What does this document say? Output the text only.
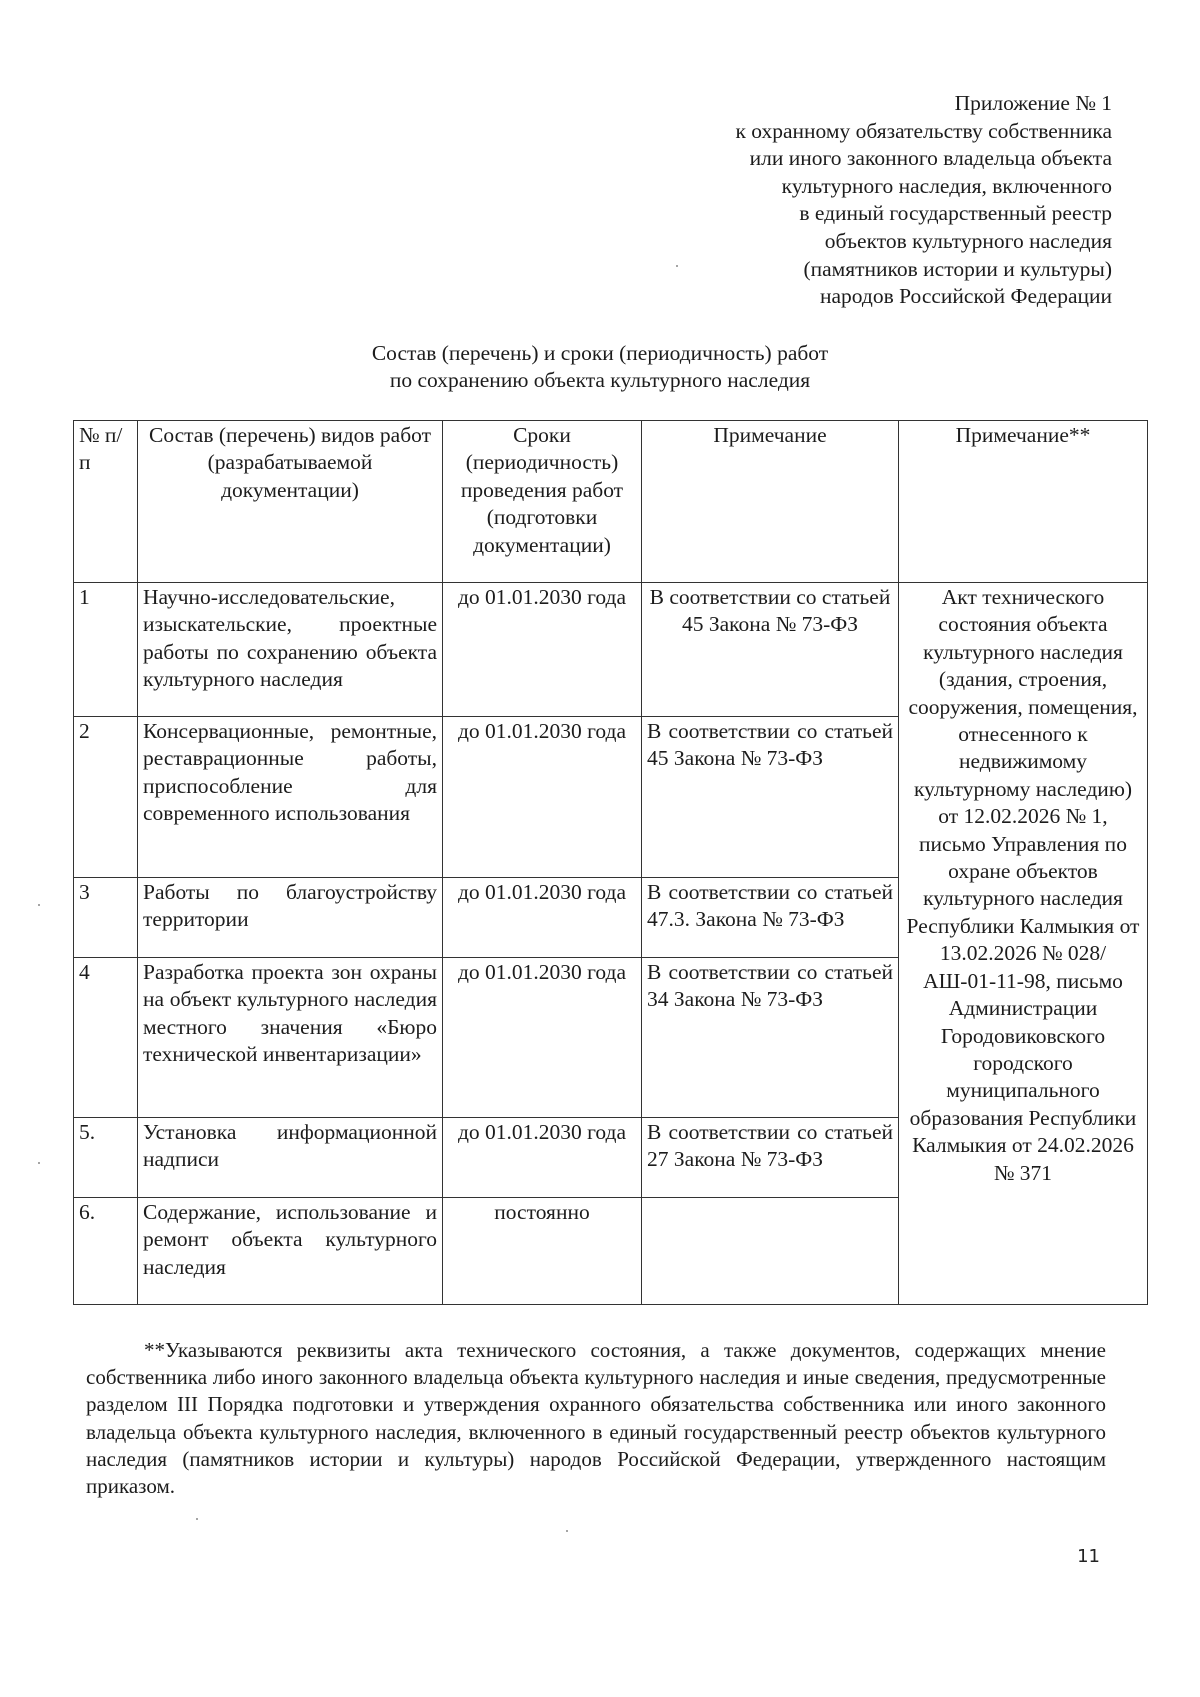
Приложение № 1
к охранному обязательству собственника
или иного законного владельца объекта
культурного наследия, включенного
в единый государственный реестр
объектов культурного наследия
(памятников истории и культуры)
народов Российской Федерации
Состав (перечень) и сроки (периодичность) работ
по сохранению объекта культурного наследия
№ п/п	Состав (перечень) видов работ (разрабатываемой документации)	Сроки (периодичность) проведения работ (подготовки документации)	Примечание	Примечание**
1	Научно-исследовательские, изыскательские, проектные работы по сохранению объекта культурного наследия	до 01.01.2030 года	В соответствии со статьей 45 Закона № 73-ФЗ	Акт технического состояния объекта культурного наследия (здания, строения, сооружения, помещения, отнесенного к недвижимому культурному наследию) от 12.02.2026 № 1, письмо Управления по охране объектов культурного наследия Республики Калмыкия от 13.02.2026 № 028/АШ-01-11-98, письмо Администрации Городовиковского городского муниципального образования Республики Калмыкия от 24.02.2026 № 371
2	Консервационные, ремонтные, реставрационные работы, приспособление для современного использования	до 01.01.2030 года	В соответствии со статьей 45 Закона № 73-ФЗ	
3	Работы по благоустройству территории	до 01.01.2030 года	В соответствии со статьей 47.3. Закона № 73-ФЗ	
4	Разработка проекта зон охраны на объект культурного наследия местного значения «Бюро технической инвентаризации»	до 01.01.2030 года	В соответствии со статьей 34 Закона № 73-ФЗ	
5.	Установка информационной надписи	до 01.01.2030 года	В соответствии со статьей 27 Закона № 73-ФЗ	
6.	Содержание, использование и ремонт объекта культурного наследия	постоянно		
**Указываются реквизиты акта технического состояния, а также документов, содержащих мнение собственника либо иного законного владельца объекта культурного наследия и иные сведения, предусмотренные разделом III Порядка подготовки и утверждения охранного обязательства собственника или иного законного владельца объекта культурного наследия, включенного в единый государственный реестр объектов культурного наследия (памятников истории и культуры) народов Российской Федерации, утвержденного настоящим приказом.
11
